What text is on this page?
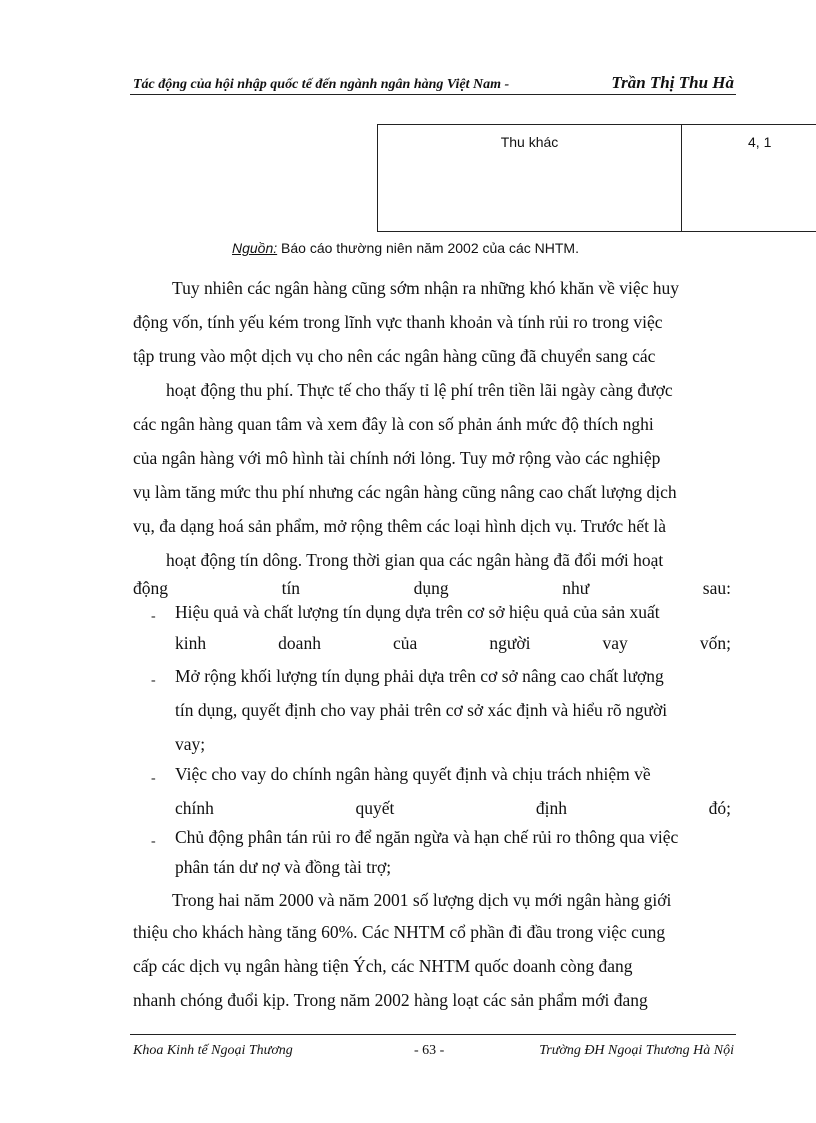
Tác động của hội nhập quốc tế đến ngành ngân hàng Việt Nam -	Trần Thị Thu Hà
Thu khác	4, 1
Nguồn: Báo cáo thường niên năm 2002 của các NHTM.
Tuy nhiên các ngân hàng cũng sớm nhận ra những khó khăn về việc huy
động vốn, tính yếu kém trong lĩnh vực thanh khoản và tính rủi ro trong việc
tập trung vào một dịch vụ cho nên các ngân hàng cũng đã chuyển sang các
hoạt động thu phí. Thực tế cho thấy tỉ lệ phí trên tiền lãi ngày càng được
các ngân hàng quan tâm và xem đây là con số phản ánh mức độ thích nghi
của ngân hàng với mô hình tài chính nới lỏng. Tuy mở rộng vào các nghiệp
vụ làm tăng mức thu phí nhưng các ngân hàng cũng nâng cao chất lượng dịch
vụ, đa dạng hoá sản phẩm, mở rộng thêm các loại hình dịch vụ. Trước hết là
hoạt động tín dông. Trong thời gian qua các ngân hàng đã đổi mới hoạt
động	tín	dụng	như	sau:
- Hiệu quả và chất lượng tín dụng dựa trên cơ sở hiệu quả của sản xuất
kinh	doanh	của	người	vay	vốn;
- Mở rộng khối lượng tín dụng phải dựa trên cơ sở nâng cao chất lượng
tín dụng, quyết định cho vay phải trên cơ sở xác định và hiểu rõ người
vay;
- Việc cho vay do chính ngân hàng quyết định và chịu trách nhiệm về
chính	quyết	định	đó;
- Chủ động phân tán rủi ro để ngăn ngừa và hạn chế rủi ro thông qua việc
phân tán dư nợ và đồng tài trợ;
Trong hai năm 2000 và năm 2001 số lượng dịch vụ mới ngân hàng giới
thiệu cho khách hàng tăng 60%. Các NHTM cổ phần đi đầu trong việc cung
cấp các dịch vụ ngân hàng tiện Ých, các NHTM quốc doanh còng đang
nhanh chóng đuổi kịp. Trong năm 2002 hàng loạt các sản phẩm mới đang
Khoa Kinh tế Ngoại Thương	- 63 -	Trường ĐH Ngoại Thương Hà Nội
